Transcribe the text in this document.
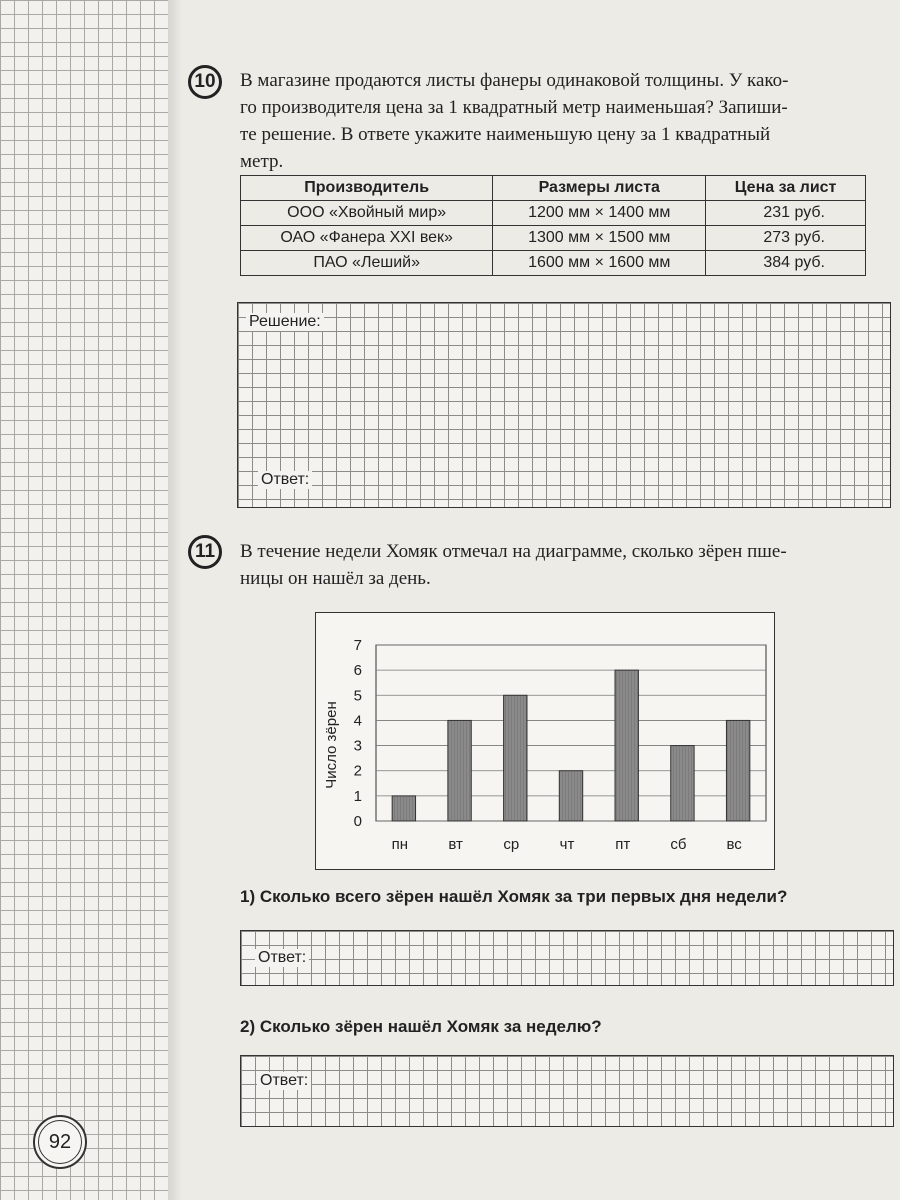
10	В магазине продаются листы фанеры одинаковой толщины. У како-
го производителя цена за 1 квадратный метр наименьшая? Запиши-
те решение. В ответе укажите наименьшую цену за 1 квадратный
метр.
Производитель	Размеры листа	Цена за лист
ООО «Хвойный мир»	1200 мм × 1400 мм	231 руб.
ОАО «Фанера XXI век»	1300 мм × 1500 мм	273 руб.
ПАО «Леший»	1600 мм × 1600 мм	384 руб.
Решение:
Ответ:
11	В течение недели Хомяк отмечал на диаграмме, сколько зёрен пше-
ницы он нашёл за день.
Число зёрен
0
1
2
3
4
5
6
7
пн	вт	ср	чт	пт	сб	вс
1) Сколько всего зёрен нашёл Хомяк за три первых дня недели?
Ответ:
2) Сколько зёрен нашёл Хомяк за неделю?
Ответ:
92
